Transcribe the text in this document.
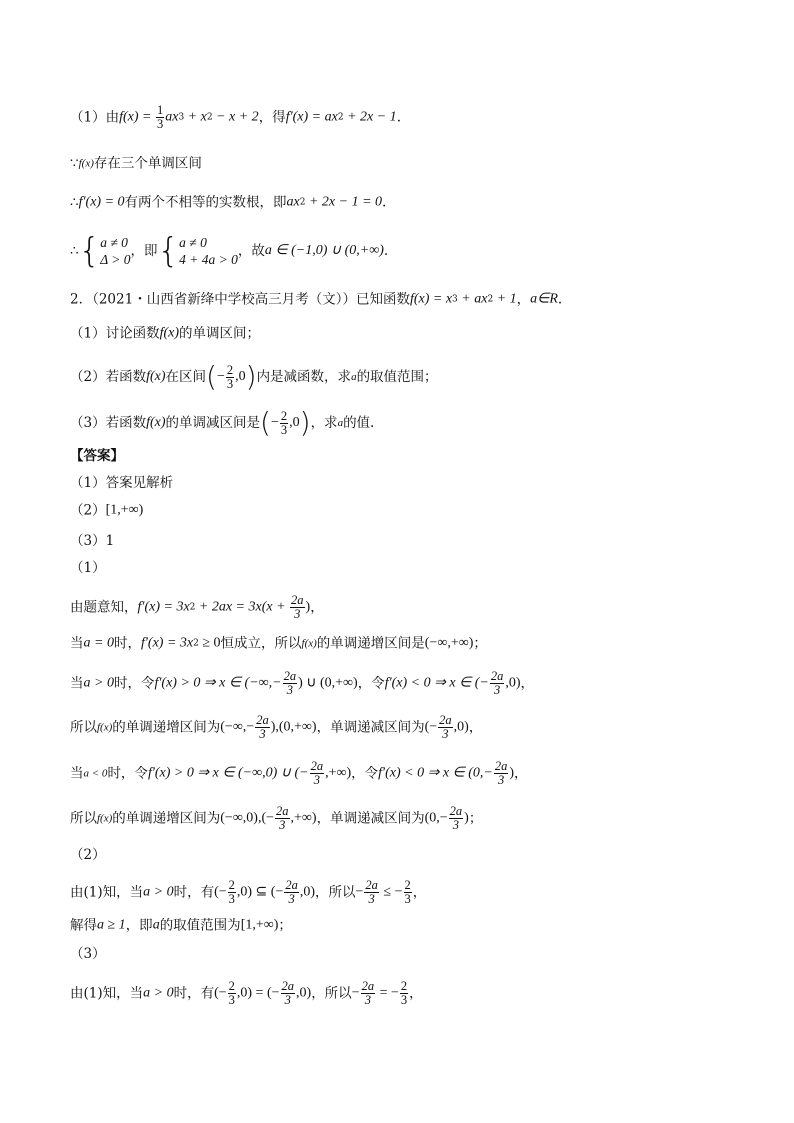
（1）由$f(x) = \frac{1}{3} ax3 + x2 - x + 2$，得f′(x) = ax2 + 2x − 1.
∵f(x)存在三个单调区间
∴f′(x) = 0有两个不相等的实数根，即ax2 + 2x − 1 = 0.
∴{ a ≠ 0
Δ > 0
，即{ a ≠ 0
4 + 4a > 0
，故a ∈ (−1,0) ∪ (0,+∞).
2．（2021・山西省新绛中学校高三月考（文））已知函数f(x) = x3 + ax2 + 1，a∈R.
（1）讨论函数f(x)的单调区间；
（2）若函数f(x)在区间(− $\frac{2}{3} ,0$)内是减函数，求a的取值范围；
（3）若函数f(x)的单调减区间是(− $\frac{2}{3} ,0$)，求a的值.
【答案】
（1）答案见解析
（2）[1,+∞)
（3）1
（1）
由题意知，$f'(x) = 3x2 + 2ax = 3x(x + \frac{2a}{3}$ )，
当a = 0时，f′(x) = 3x2 ≥ 0恒成立，所以f(x)的单调递增区间是(−∞,+∞)；
当a > 0时，令f′(x) > 0 ⇒ x ∈ (−∞,− $\frac{2a}{3}$ ) ∪ (0,+∞)，令f′(x) < 0 ⇒ x ∈ (− $\frac{2a}{3} ,0$)，
所以f(x)的单调递增区间为(−∞,− $\frac{2a}{3} ),(0,+\infty)$，单调递减区间为(− $\frac{2a}{3} ,0$)，
当a < 0时，令f′(x) > 0 ⇒ x ∈ (−∞,0) ∪ (− $\frac{2a}{3}$ ,+∞)，令f′(x) < 0 ⇒ x ∈ ($0,- \frac{2a}{3}$ )，
所以f(x)的单调递增区间为$(-\infty,0),(- \frac{2a}{3}$ ,+∞)，单调递减区间为($0,- \frac{2a}{3}$ )；
（2）
由(1)知，当a > 0时，有(− $\frac{2}{3} ,0$) ⊆ (− $\frac{2a}{3} ,0$)，所以− $\frac{2a}{3}$ ≤ − $\frac{2}{3}$ ，
解得a ≥ 1，即a的取值范围为[1,+∞)；
（3）
由(1)知，当a > 0时，有(− $\frac{2}{3} ,0$) = (− $\frac{2a}{3} ,0$)，所以− $\frac{2a}{3}$ = − $\frac{2}{3}$ ，
